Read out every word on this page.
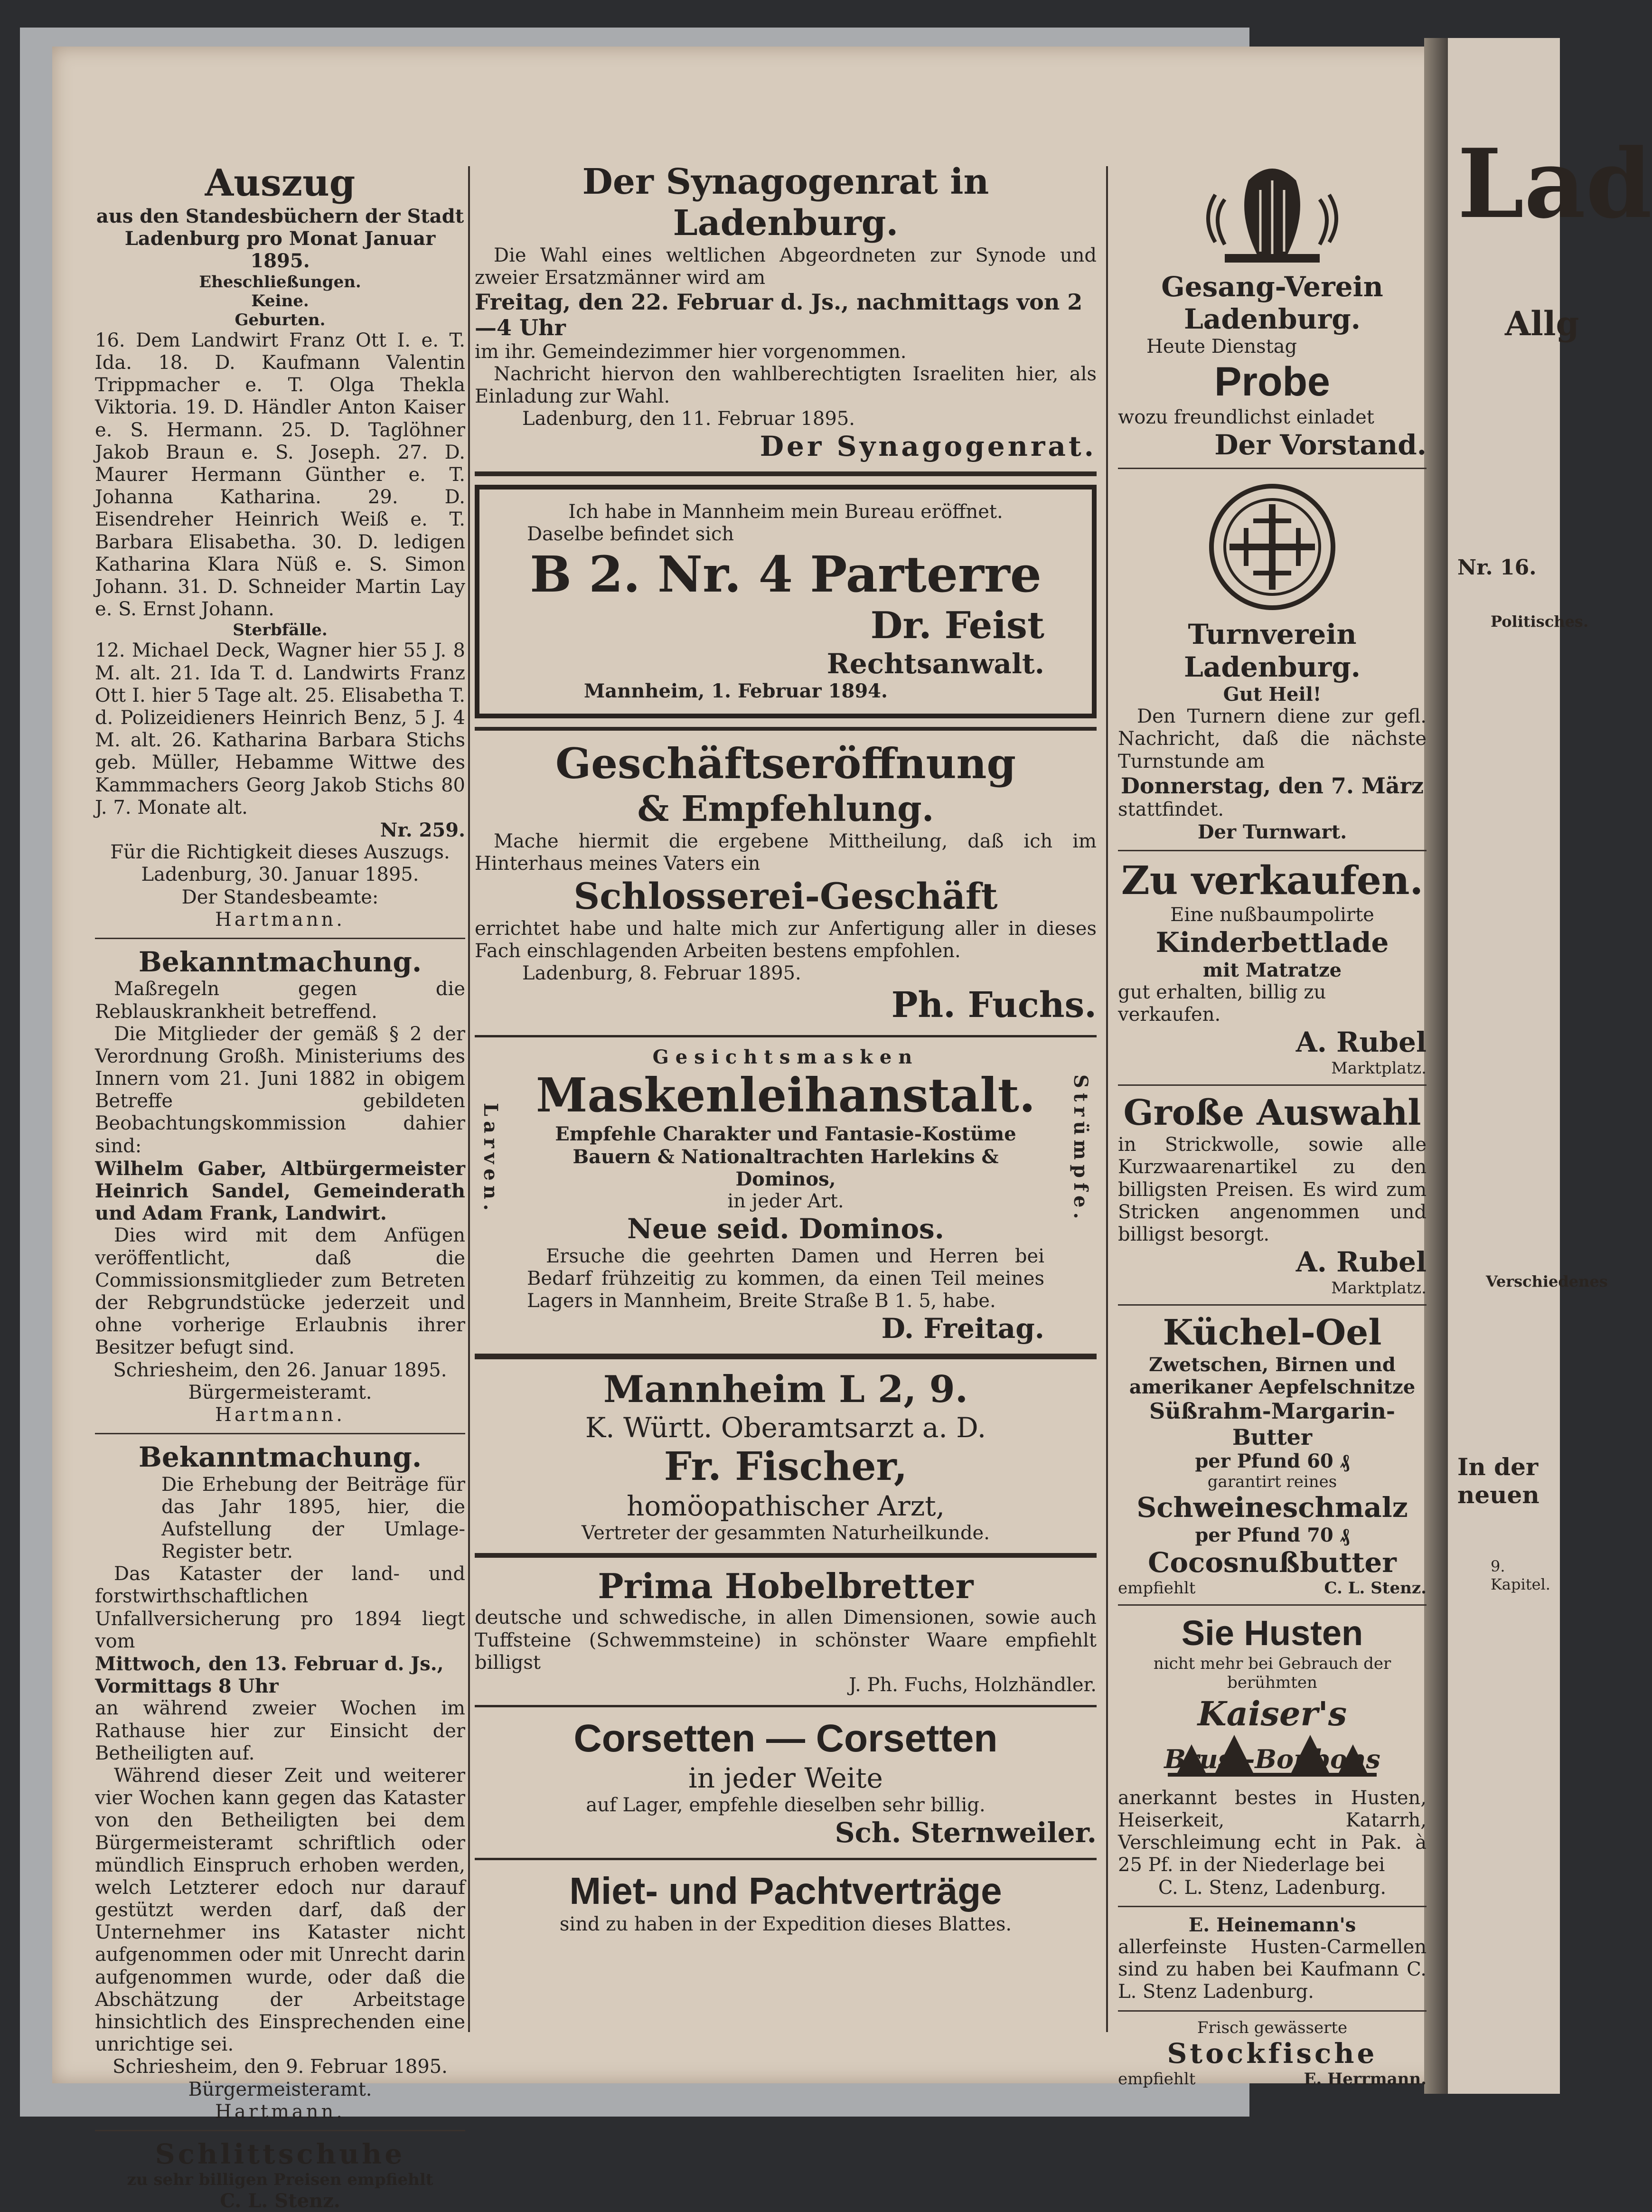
Lad
Allg
Nr. 16.
Politisches.
Verschiedenes
In der neuen
9. Kapitel.

Auszug

aus den Standesbüchern der Stadt Ladenburg pro Monat Januar 1895.

Eheschließungen.

Keine.

Geburten.

16. Dem Landwirt Franz Ott I. e. T. Ida. 18. D. Kaufmann Valentin Trippmacher e. T. Olga Thekla Viktoria. 19. D. Händler Anton Kaiser e. S. Hermann. 25. D. Taglöhner Jakob Braun e. S. Joseph. 27. D. Maurer Hermann Günther e. T. Johanna Katharina. 29. D. Eisendreher Heinrich Weiß e. T. Barbara Elisabetha. 30. D. ledigen Katharina Klara Nüß e. S. Simon Johann. 31. D. Schneider Martin Lay e. S. Ernst Johann.

Sterbfälle.

12. Michael Deck, Wagner hier 55 J. 8 M. alt. 21. Ida T. d. Landwirts Franz Ott I. hier 5 Tage alt. 25. Elisabetha T. d. Polizeidieners Heinrich Benz, 5 J. 4 M. alt. 26. Katharina Barbara Stichs geb. Müller, Hebamme Wittwe des Kammmachers Georg Jakob Stichs 80 J. 7. Monate alt.

Nr. 259.

Für die Richtigkeit dieses Auszugs.

Ladenburg, 30. Januar 1895.

Der Standesbeamte:

Hartmann.

Bekanntmachung.

Maßregeln gegen die Reblauskrankheit betreffend.

Die Mitglieder der gemäß § 2 der Verordnung Großh. Ministeriums des Innern vom 21. Juni 1882 in obigem Betreffe gebildeten Beobachtungskommission dahier sind:

Wilhelm Gaber, Altbürgermeister Heinrich Sandel, Gemeinderath und Adam Frank, Landwirt.

Dies wird mit dem Anfügen veröffentlicht, daß die Commissionsmitglieder zum Betreten der Rebgrundstücke jederzeit und ohne vorherige Erlaubnis ihrer Besitzer befugt sind.

Schriesheim, den 26. Januar 1895.

Bürgermeisteramt.

Hartmann.

Bekanntmachung.

Die Erhebung der Beiträge für das Jahr 1895, hier, die Aufstellung der Umlage-Register betr.

Das Kataster der land- und forstwirthschaftlichen Unfallversicherung pro 1894 liegt vom

Mittwoch, den 13. Februar d. Js., Vormittags 8 Uhr

an während zweier Wochen im Rathause hier zur Einsicht der Betheiligten auf.

Während dieser Zeit und weiterer vier Wochen kann gegen das Kataster von den Betheiligten bei dem Bürgermeisteramt schriftlich oder mündlich Einspruch erhoben werden, welch Letzterer edoch nur darauf gestützt werden darf, daß der Unternehmer ins Kataster nicht aufgenommen oder mit Unrecht darin aufgenommen wurde, oder daß die Abschätzung der Arbeitstage hinsichtlich des Einsprechenden eine unrichtige sei.

Schriesheim, den 9. Februar 1895.

Bürgermeisteramt.

Hartmann.

Schlittschuhe

zu sehr billigen Preisen empfiehlt

C. L. Stenz.

Der Synagogenrat in Ladenburg.

Die Wahl eines weltlichen Abgeordneten zur Synode und zweier Ersatzmänner wird am

Freitag, den 22. Februar d. Js., nachmittags von 2—4 Uhr

im ihr. Gemeindezimmer hier vorgenommen.

Nachricht hiervon den wahlberechtigten Israeliten hier, als Einladung zur Wahl.

Ladenburg, den 11. Februar 1895.

Der Synagogenrat.

Ich habe in Mannheim mein Bureau eröffnet.

Daselbe befindet sich

B 2. Nr. 4 Parterre

Dr. Feist

Rechtsanwalt.

Mannheim, 1. Februar 1894.

Geschäftseröffnung

& Empfehlung.

Mache hiermit die ergebene Mittheilung, daß ich im Hinterhaus meines Vaters ein

Schlosserei-Geschäft

errichtet habe und halte mich zur Anfertigung aller in dieses Fach einschlagenden Arbeiten bestens empfohlen.

Ladenburg, 8. Februar 1895.

Ph. Fuchs.

Larven.	Strümpfe.

Gesichtsmasken

Maskenleihanstalt.

Empfehle Charakter und Fantasie-Kostüme

Bauern & Nationaltrachten Harlekins & Dominos,

in jeder Art.

Neue seid. Dominos.

Ersuche die geehrten Damen und Herren bei Bedarf frühzeitig zu kommen, da einen Teil meines Lagers in Mannheim, Breite Straße B 1. 5, habe.

D. Freitag.

Mannheim L 2, 9.

K. Württ. Oberamtsarzt a. D.

Fr. Fischer,

homöopathischer Arzt,

Vertreter der gesammten Naturheilkunde.

Prima Hobelbretter

deutsche und schwedische, in allen Dimensionen, sowie auch Tuffsteine (Schwemmsteine) in schönster Waare empfiehlt billigst

J. Ph. Fuchs, Holzhändler.

Corsetten — Corsetten

in jeder Weite

auf Lager, empfehle dieselben sehr billig.

Sch. Sternweiler.

Miet- und Pachtverträge

sind zu haben in der Expedition dieses Blattes.

Gesang-Verein Ladenburg.

Heute Dienstag

Probe

wozu freundlichst einladet

Der Vorstand.

Turnverein Ladenburg.

Gut Heil!

Den Turnern diene zur gefl. Nachricht, daß die nächste Turnstunde am

Donnerstag, den 7. März

stattfindet.

Der Turnwart.

Zu verkaufen.

Eine nußbaumpolirte

Kinderbettlade

mit Matratze

gut erhalten, billig zu verkaufen.

A. Rubel

Marktplatz.

Große Auswahl

in Strickwolle, sowie alle Kurzwaarenartikel zu den billigsten Preisen. Es wird zum Stricken angenommen und billigst besorgt.

A. Rubel

Marktplatz.

Küchel-Oel

Zwetschen, Birnen und amerikaner Aepfelschnitze

Süßrahm-Margarin-Butter

per Pfund 60 ₰

garantirt reines

Schweineschmalz

per Pfund 70 ₰

Cocosnußbutter

empfiehlt	C. L. Stenz.

Sie Husten

nicht mehr bei Gebrauch der berühmten

Kaiser's
Brust-Bonbons

anerkannt bestes in Husten, Heiserkeit, Katarrh, Verschleimung echt in Pak. à 25 Pf. in der Niederlage bei

C. L. Stenz, Ladenburg.

E. Heinemann's

allerfeinste Husten-Carmellen sind zu haben bei Kaufmann C. L. Stenz Ladenburg.

Frisch gewässerte

Stockfische

empfiehlt	E. Herrmann.
